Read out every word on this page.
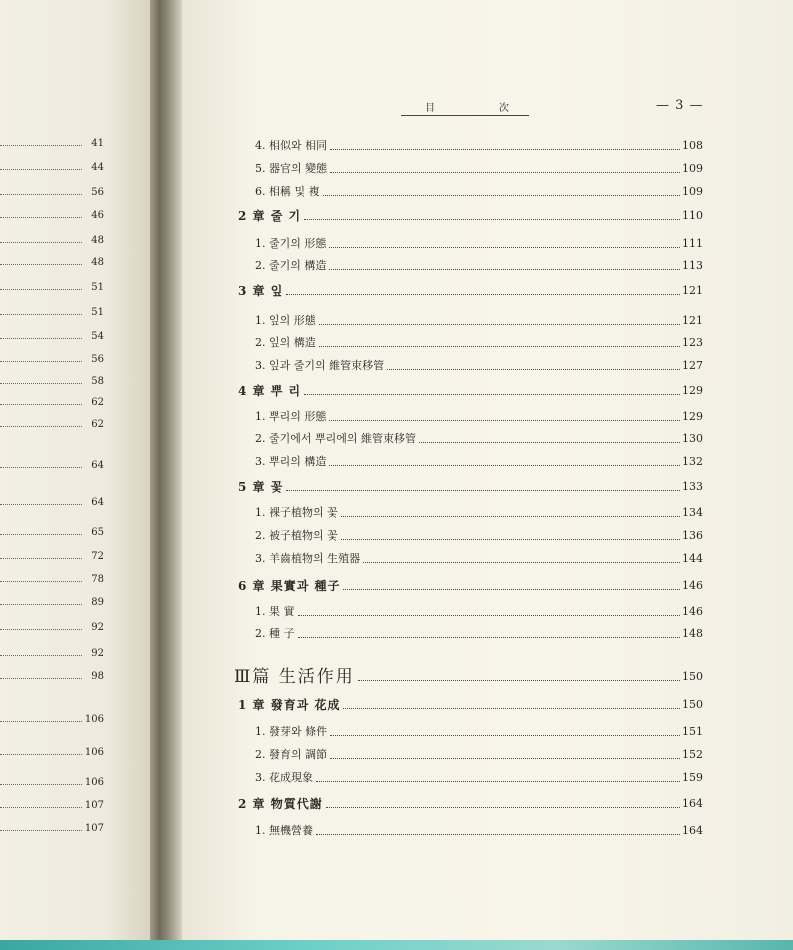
41
44
56
46
48
48
51
51
54
56
58
62
62
64
64
65
72
78
89
92
92
98
106
106
106
107
107
目	次	— 3 —
4. 相似와 相同	108
5. 器官의 變態	109
6. 相稱 및 複	109
2 章 줄 기	110
1. 줄기의 形態	111
2. 줄기의 構造	113
3 章 잎	121
1. 잎의 形態	121
2. 잎의 構造	123
3. 잎과 줄기의 維管束移管	127
4 章 뿌 리	129
1. 뿌리의 形態	129
2. 줄기에서 뿌리에의 維管束移管	130
3. 뿌리의 構造	132
5 章 꽃	133
1. 裸子植物의 꽃	134
2. 被子植物의 꽃	136
3. 羊齒植物의 生殖器	144
6 章 果實과 種子	146
1. 果 實	146
2. 種 子	148
Ⅲ篇 生活作用	150
1 章 發育과 花成	150
1. 發芽와 條件	151
2. 發育의 調節	152
3. 花成現象	159
2 章 物質代謝	164
1. 無機營養	164
